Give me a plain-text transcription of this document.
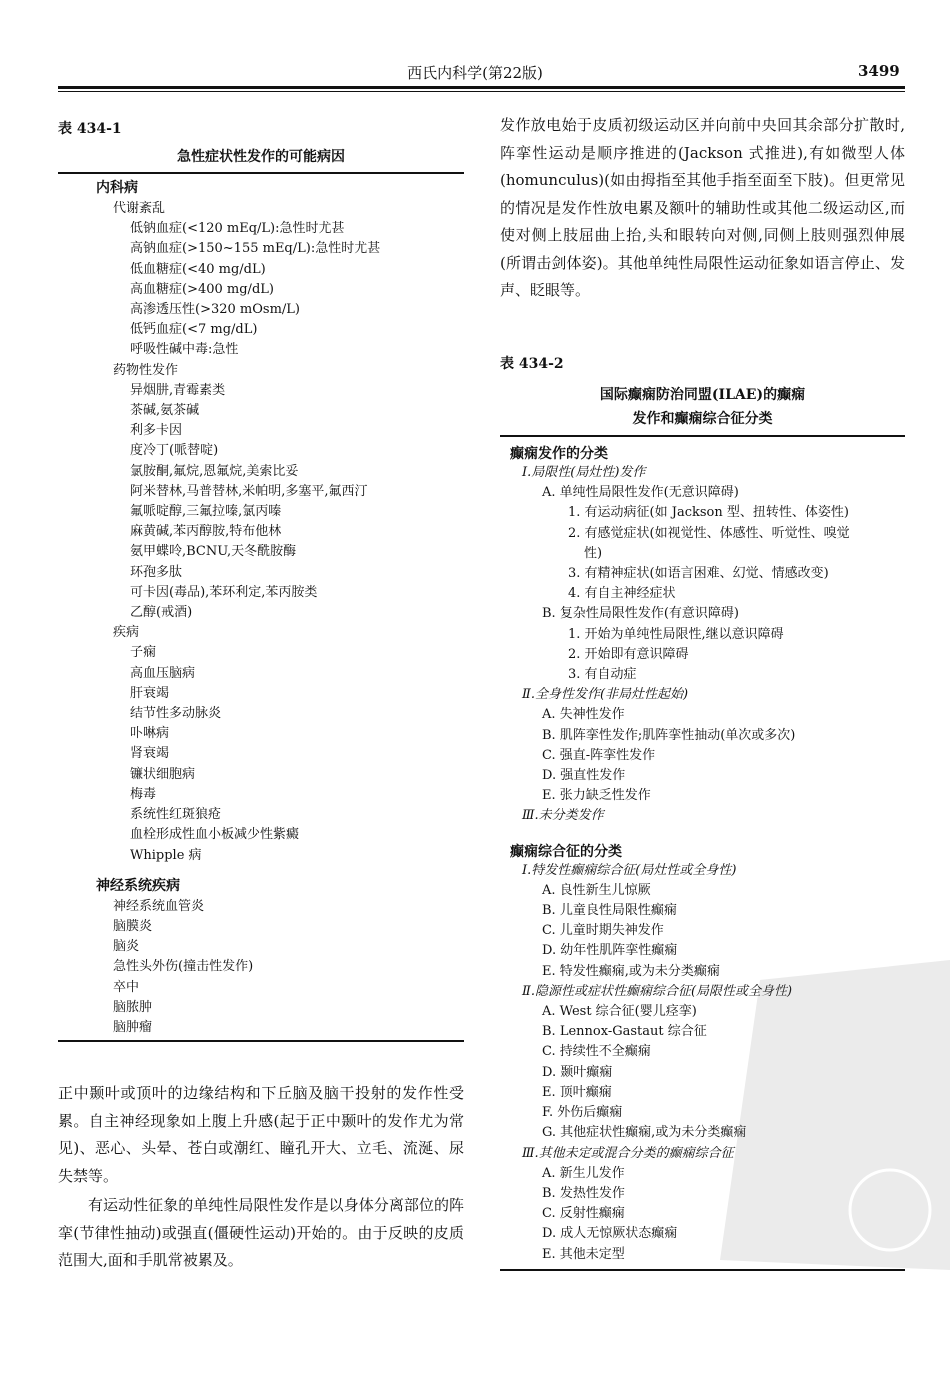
西氏内科学(第22版)	3499
表 434-1
急性症状性发作的可能病因
内科病
代谢紊乱
低钠血症(<120 mEq/L):急性时尤甚
高钠血症(>150~155 mEq/L):急性时尤甚
低血糖症(<40 mg/dL)
高血糖症(>400 mg/dL)
高渗透压性(>320 mOsm/L)
低钙血症(<7 mg/dL)
呼吸性碱中毒:急性
药物性发作
异烟肼,青霉素类
茶碱,氨茶碱
利多卡因
度冷丁(哌替啶)
氯胺酮,氟烷,恩氟烷,美索比妥
阿米替林,马普替林,米帕明,多塞平,氟西汀
氟哌啶醇,三氟拉嗪,氯丙嗪
麻黄碱,苯丙醇胺,特布他林
氨甲蝶呤,BCNU,天冬酰胺酶
环孢多肽
可卡因(毒品),苯环利定,苯丙胺类
乙醇(戒酒)
疾病
子痫
高血压脑病
肝衰竭
结节性多动脉炎
卟啉病
肾衰竭
镰状细胞病
梅毒
系统性红斑狼疮
血栓形成性血小板减少性紫癜
Whipple 病
神经系统疾病
神经系统血管炎
脑膜炎
脑炎
急性头外伤(撞击性发作)
卒中
脑脓肿
脑肿瘤

正中颞叶或顶叶的边缘结构和下丘脑及脑干投射的发作性受累。自主神经现象如上腹上升感(起于正中颞叶的发作尤为常见)、恶心、头晕、苍白或潮红、瞳孔开大、立毛、流涎、尿失禁等。

有运动性征象的单纯性局限性发作是以身体分离部位的阵挛(节律性抽动)或强直(僵硬性运动)开始的。由于反映的皮质范围大,面和手肌常被累及。

发作放电始于皮质初级运动区并向前中央回其余部分扩散时,阵挛性运动是顺序推进的(Jackson 式推进),有如微型人体(homunculus)(如由拇指至其他手指至面至下肢)。但更常见的情况是发作性放电累及额叶的辅助性或其他二级运动区,而使对侧上肢屈曲上抬,头和眼转向对侧,同侧上肢则强烈伸展(所谓击剑体姿)。其他单纯性局限性运动征象如语言停止、发声、眨眼等。

表 434-2
国际癫痫防治同盟(ILAE)的癫痫
发作和癫痫综合征分类
癫痫发作的分类
Ⅰ.局限性(局灶性)发作
A. 单纯性局限性发作(无意识障碍)
1. 有运动病征(如 Jackson 型、扭转性、体姿性)
2. 有感觉症状(如视觉性、体感性、听觉性、嗅觉
性)
3. 有精神症状(如语言困难、幻觉、情感改变)
4. 有自主神经症状
B. 复杂性局限性发作(有意识障碍)
1. 开始为单纯性局限性,继以意识障碍
2. 开始即有意识障碍
3. 有自动症
Ⅱ.全身性发作(非局灶性起始)
A. 失神性发作
B. 肌阵挛性发作;肌阵挛性抽动(单次或多次)
C. 强直-阵挛性发作
D. 强直性发作
E. 张力缺乏性发作
Ⅲ.未分类发作
癫痫综合征的分类
Ⅰ.特发性癫痫综合征(局灶性或全身性)
A. 良性新生儿惊厥
B. 儿童良性局限性癫痫
C. 儿童时期失神发作
D. 幼年性肌阵挛性癫痫
E. 特发性癫痫,或为未分类癫痫
Ⅱ.隐源性或症状性癫痫综合征(局限性或全身性)
A. West 综合征(婴儿痉挛)
B. Lennox-Gastaut 综合征
C. 持续性不全癫痫
D. 颞叶癫痫
E. 顶叶癫痫
F. 外伤后癫痫
G. 其他症状性癫痫,或为未分类癫痫
Ⅲ.其他未定或混合分类的癫痫综合征
A. 新生儿发作
B. 发热性发作
C. 反射性癫痫
D. 成人无惊厥状态癫痫
E. 其他未定型
